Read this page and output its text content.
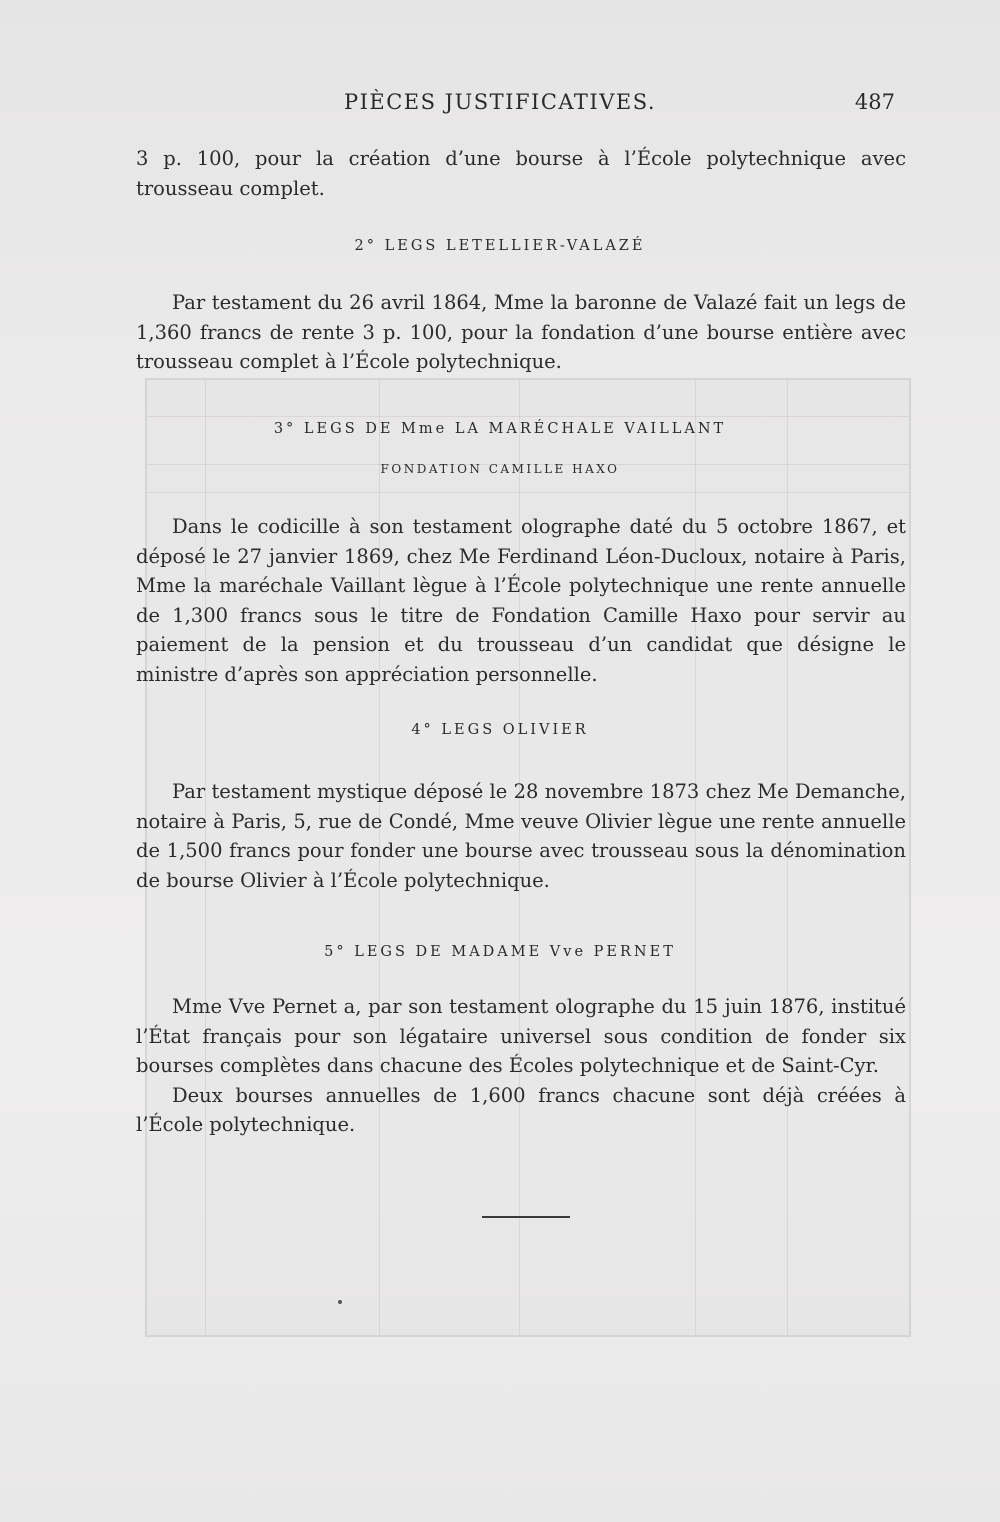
PIÈCES JUSTIFICATIVES.	487

3 p. 100, pour la création d’une bourse à l’École polytechnique avec trousseau complet.

2° LEGS LETELLIER-VALAZÉ

Par testament du 26 avril 1864, Mme la baronne de Valazé fait un legs de 1,360 francs de rente 3 p. 100, pour la fondation d’une bourse entière avec trousseau complet à l’École polytechnique.

3° LEGS DE Mme LA MARÉCHALE VAILLANT
FONDATION CAMILLE HAXO

Dans le codicille à son testament olographe daté du 5 octobre 1867, et déposé le 27 janvier 1869, chez Me Ferdinand Léon-Ducloux, notaire à Paris, Mme la maréchale Vaillant lègue à l’École polytechnique une rente annuelle de 1,300 francs sous le titre de Fondation Camille Haxo pour servir au paiement de la pension et du trousseau d’un candidat que désigne le ministre d’après son appréciation personnelle.

4° LEGS OLIVIER

Par testament mystique déposé le 28 novembre 1873 chez Me Demanche, notaire à Paris, 5, rue de Condé, Mme veuve Olivier lègue une rente annuelle de 1,500 francs pour fonder une bourse avec trousseau sous la dénomination de bourse Olivier à l’École polytechnique.

5° LEGS DE MADAME Vve PERNET

Mme Vve Pernet a, par son testament olographe du 15 juin 1876, institué l’État français pour son légataire universel sous condition de fonder six bourses complètes dans chacune des Écoles polytechnique et de Saint-Cyr.

Deux bourses annuelles de 1,600 francs chacune sont déjà créées à l’École polytechnique.
